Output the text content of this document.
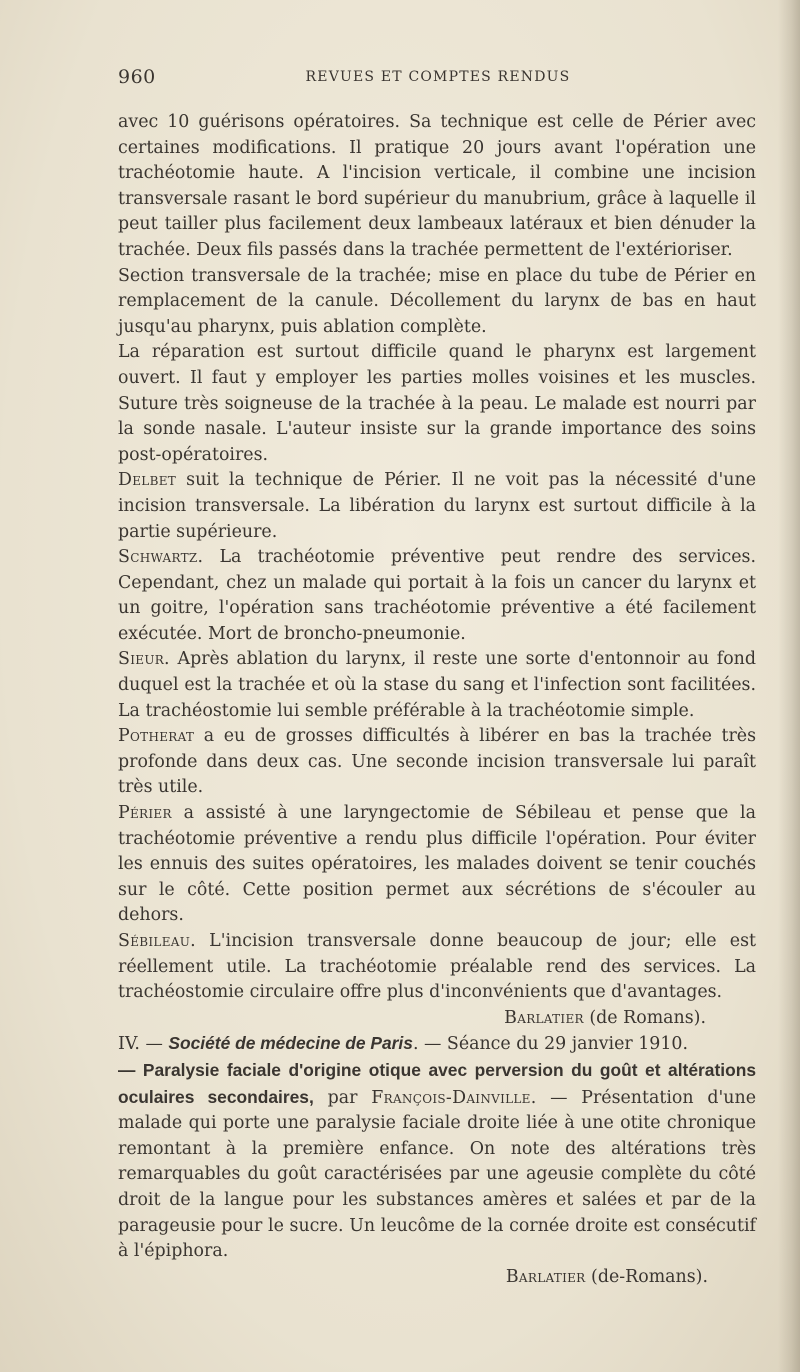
960	REVUES ET COMPTES RENDUS

avec 10 guérisons opératoires. Sa technique est celle de Périer avec certaines modifications. Il pratique 20 jours avant l'opération une trachéotomie haute. A l'incision verticale, il combine une incision transversale rasant le bord supérieur du manubrium, grâce à laquelle il peut tailler plus facilement deux lambeaux latéraux et bien dénuder la trachée. Deux fils passés dans la trachée permettent de l'extérioriser.

Section transversale de la trachée; mise en place du tube de Périer en remplacement de la canule. Décollement du larynx de bas en haut jusqu'au pharynx, puis ablation complète.

La réparation est surtout difficile quand le pharynx est largement ouvert. Il faut y employer les parties molles voisines et les muscles. Suture très soigneuse de la trachée à la peau. Le malade est nourri par la sonde nasale. L'auteur insiste sur la grande importance des soins post-opératoires.

Delbet suit la technique de Périer. Il ne voit pas la nécessité d'une incision transversale. La libération du larynx est surtout difficile à la partie supérieure.

Schwartz. La trachéotomie préventive peut rendre des services. Cependant, chez un malade qui portait à la fois un cancer du larynx et un goitre, l'opération sans trachéotomie préventive a été facilement exécutée. Mort de broncho-pneumonie.

Sieur. Après ablation du larynx, il reste une sorte d'entonnoir au fond duquel est la trachée et où la stase du sang et l'infection sont facilitées. La trachéostomie lui semble préférable à la trachéotomie simple.

Potherat a eu de grosses difficultés à libérer en bas la trachée très profonde dans deux cas. Une seconde incision transversale lui paraît très utile.

Périer a assisté à une laryngectomie de Sébileau et pense que la trachéotomie préventive a rendu plus difficile l'opération. Pour éviter les ennuis des suites opératoires, les malades doivent se tenir couchés sur le côté. Cette position permet aux sécrétions de s'écouler au dehors.

Sébileau. L'incision transversale donne beaucoup de jour; elle est réellement utile. La trachéotomie préalable rend des services. La trachéostomie circulaire offre plus d'inconvénients que d'avantages.

Barlatier (de Romans).

IV. — Société de médecine de Paris. — Séance du 29 janvier 1910.

— Paralysie faciale d'origine otique avec perversion du goût et altérations oculaires secondaires, par François-Dainville. — Présentation d'une malade qui porte une paralysie faciale droite liée à une otite chronique remontant à la première enfance. On note des altérations très remarquables du goût caractérisées par une ageusie complète du côté droit de la langue pour les substances amères et salées et par de la parageusie pour le sucre. Un leucôme de la cornée droite est consécutif à l'épiphora.

Barlatier (de-Romans).
